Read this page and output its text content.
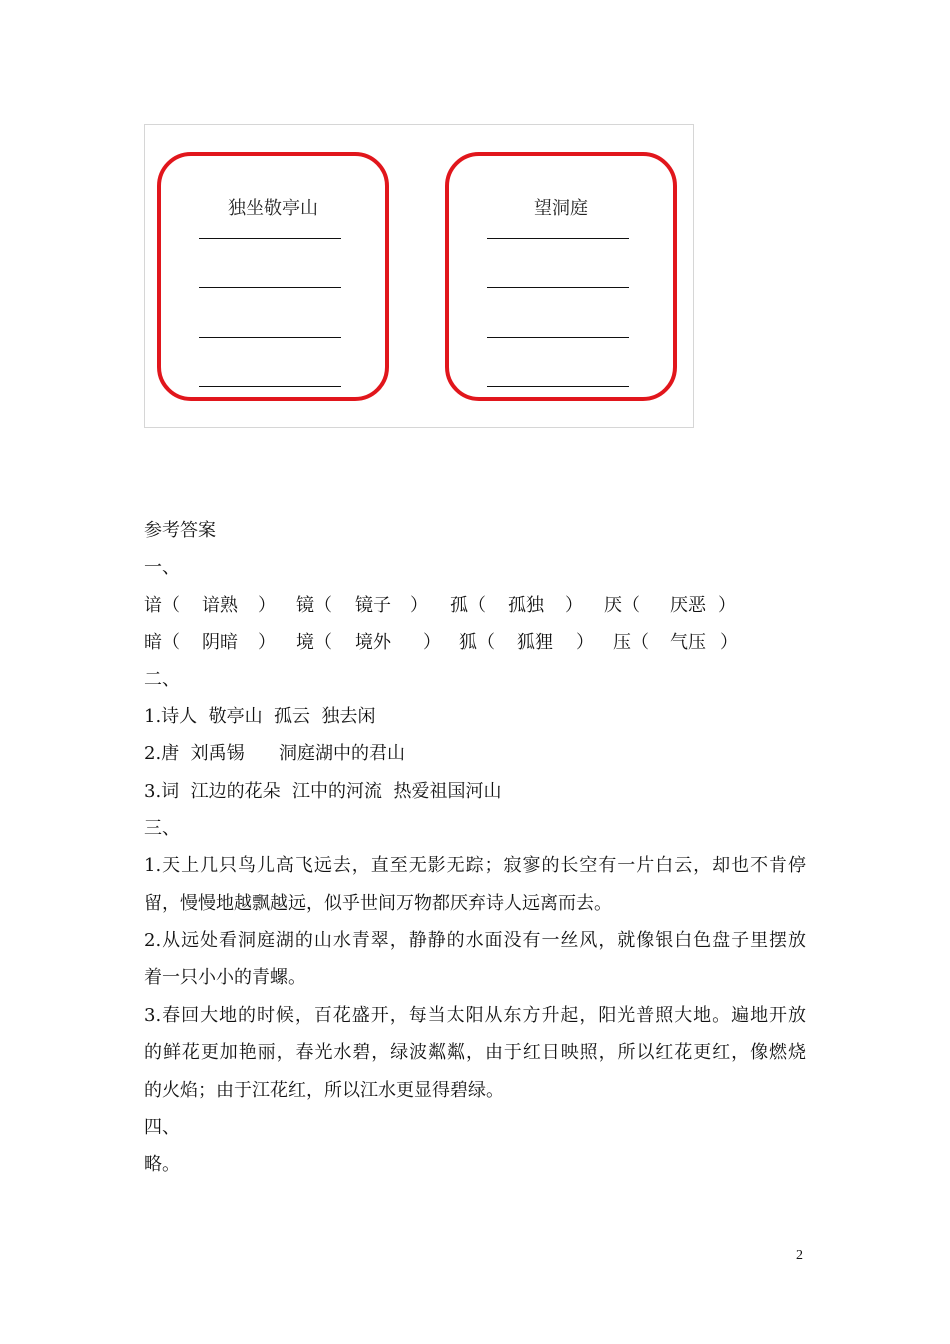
独坐敬亭山	望洞庭
参考答案
一、
谙（ 谙熟 ） 镜（ 镜子 ） 孤（ 孤独 ） 厌（ 厌恶 ）
暗（ 阴暗 ） 境（ 境外 ） 狐（ 狐狸 ） 压（ 气压 ）
二、
1.诗人  敬亭山  孤云  独去闲
2.唐  刘禹锡      洞庭湖中的君山
3.词  江边的花朵  江中的河流  热爱祖国河山
三、
1.天上几只鸟儿高飞远去，直至无影无踪；寂寥的长空有一片白云，却也不肯停
留，慢慢地越飘越远，似乎世间万物都厌弃诗人远离而去。
2.从远处看洞庭湖的山水青翠，静静的水面没有一丝风，就像银白色盘子里摆放
着一只小小的青螺。
3.春回大地的时候，百花盛开，每当太阳从东方升起，阳光普照大地。遍地开放
的鲜花更加艳丽，春光水碧，绿波粼粼，由于红日映照，所以红花更红，像燃烧
的火焰；由于江花红，所以江水更显得碧绿。
四、
略。
2
